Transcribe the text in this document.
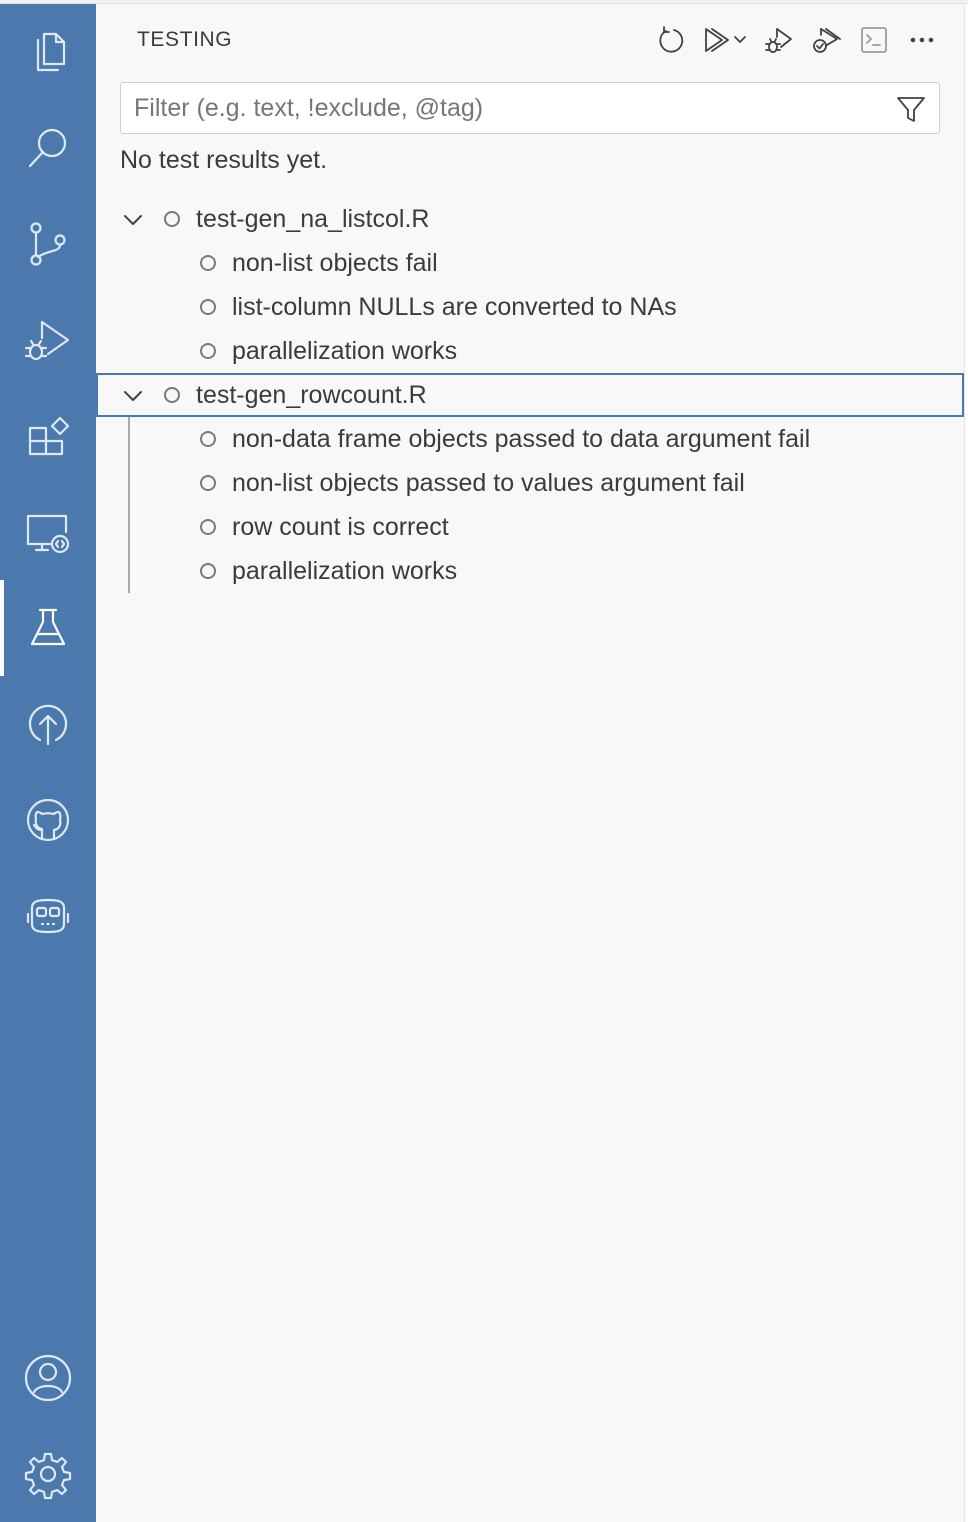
TESTING
Filter (e.g. text, !exclude, @tag)
No test results yet.
test-gen_na_listcol.R
non-list objects fail
list-column NULLs are converted to NAs
parallelization works
test-gen_rowcount.R
non-data frame objects passed to data argument fail
non-list objects passed to values argument fail
row count is correct
parallelization works
